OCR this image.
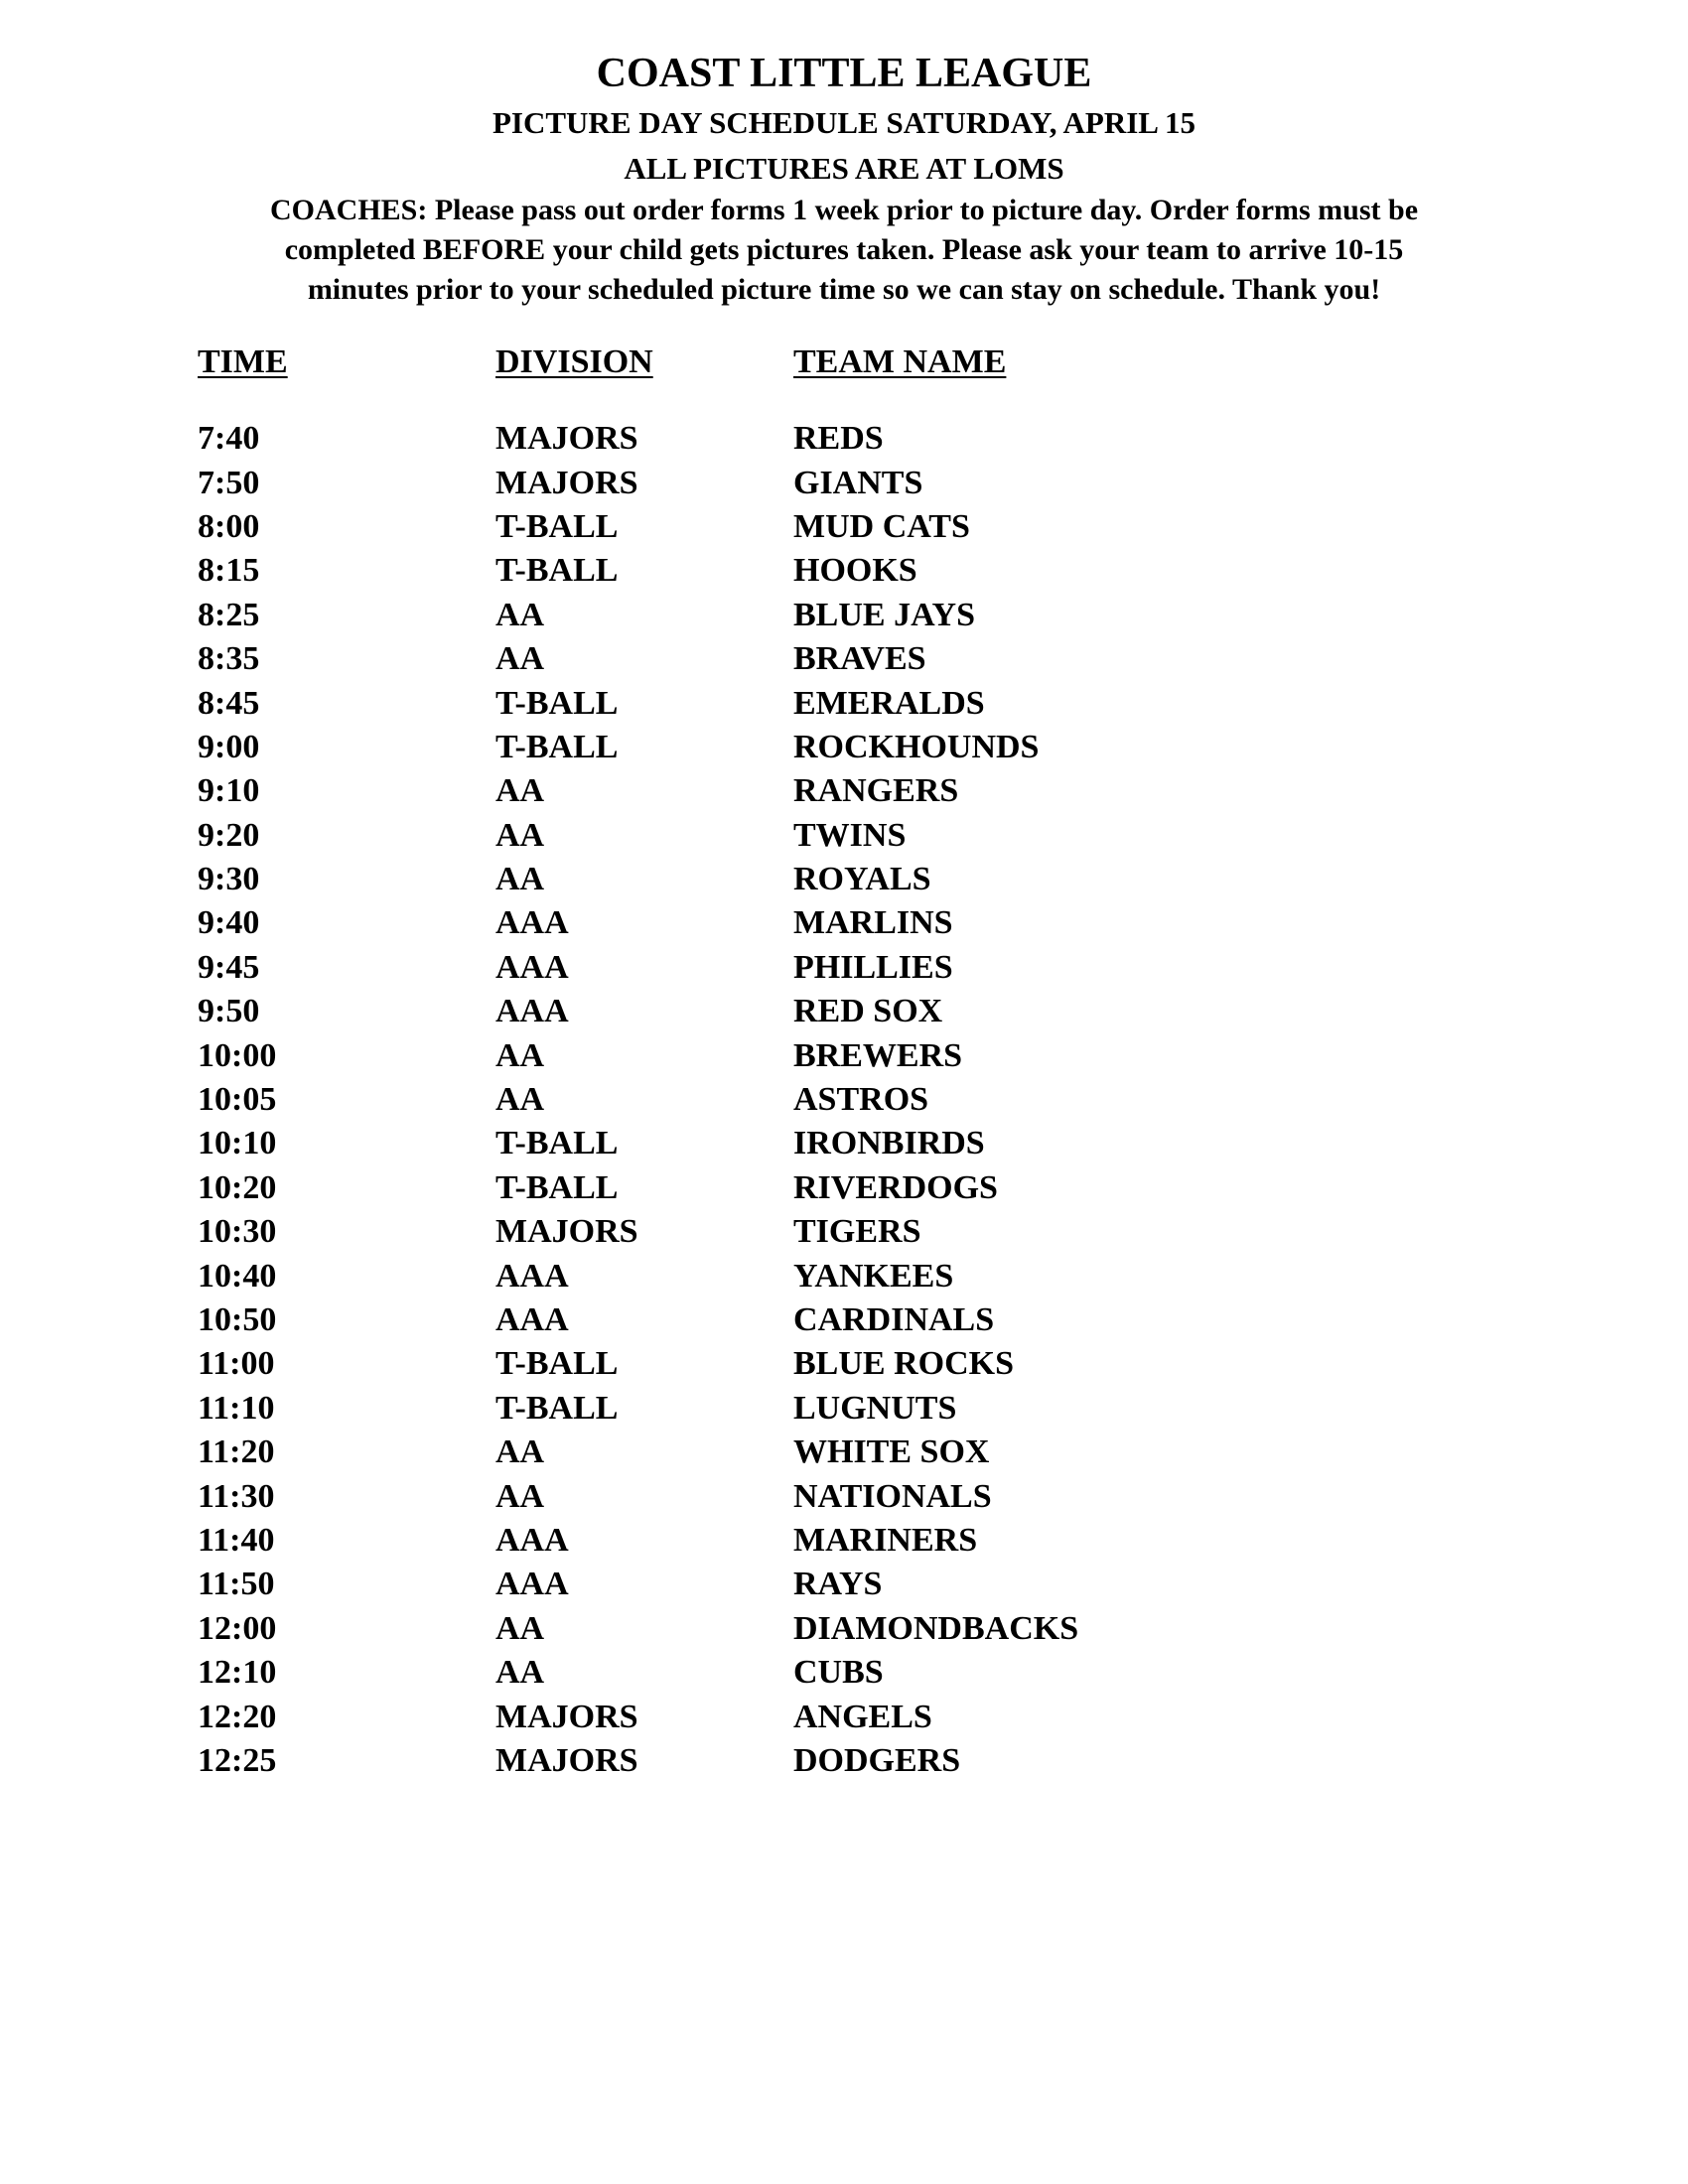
COAST LITTLE LEAGUE

PICTURE DAY SCHEDULE SATURDAY, APRIL 15

ALL PICTURES ARE AT LOMS

COACHES: Please pass out order forms 1 week prior to picture day. Order forms must be
completed BEFORE your child gets pictures taken. Please ask your team to arrive 10-15
minutes prior to your scheduled picture time so we can stay on schedule. Thank you!
TIME	DIVISION	TEAM NAME
7:40	MAJORS	REDS
7:50	MAJORS	GIANTS
8:00	T-BALL	MUD CATS
8:15	T-BALL	HOOKS
8:25	AA	BLUE JAYS
8:35	AA	BRAVES
8:45	T-BALL	EMERALDS
9:00	T-BALL	ROCKHOUNDS
9:10	AA	RANGERS
9:20	AA	TWINS
9:30	AA	ROYALS
9:40	AAA	MARLINS
9:45	AAA	PHILLIES
9:50	AAA	RED SOX
10:00	AA	BREWERS
10:05	AA	ASTROS
10:10	T-BALL	IRONBIRDS
10:20	T-BALL	RIVERDOGS
10:30	MAJORS	TIGERS
10:40	AAA	YANKEES
10:50	AAA	CARDINALS
11:00	T-BALL	BLUE ROCKS
11:10	T-BALL	LUGNUTS
11:20	AA	WHITE SOX
11:30	AA	NATIONALS
11:40	AAA	MARINERS
11:50	AAA	RAYS
12:00	AA	DIAMONDBACKS
12:10	AA	CUBS
12:20	MAJORS	ANGELS
12:25	MAJORS	DODGERS
